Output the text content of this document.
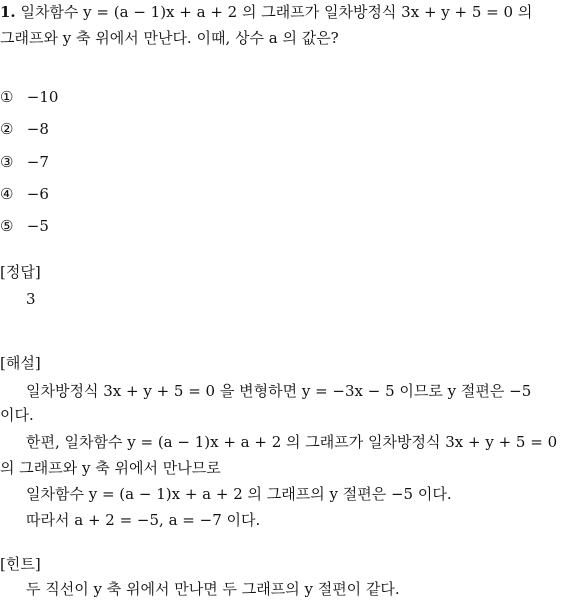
1. 일차함수 y = (a − 1)x + a + 2 의 그래프가 일차방정식 3x + y + 5 = 0 의
그래프와 y 축 위에서 만난다. 이때, 상수 a 의 값은?
① −10
② −8
③ −7
④ −6
⑤ −5
[정답]
3
[해설]
일차방정식 3x + y + 5 = 0 을 변형하면 y = −3x − 5 이므로 y 절편은 −5
이다.
한편, 일차함수 y = (a − 1)x + a + 2 의 그래프가 일차방정식 3x + y + 5 = 0
의 그래프와 y 축 위에서 만나므로
일차함수 y = (a − 1)x + a + 2 의 그래프의 y 절편은 −5 이다.
따라서 a + 2 = −5, a = −7 이다.
[힌트]
두 직선이 y 축 위에서 만나면 두 그래프의 y 절편이 같다.
